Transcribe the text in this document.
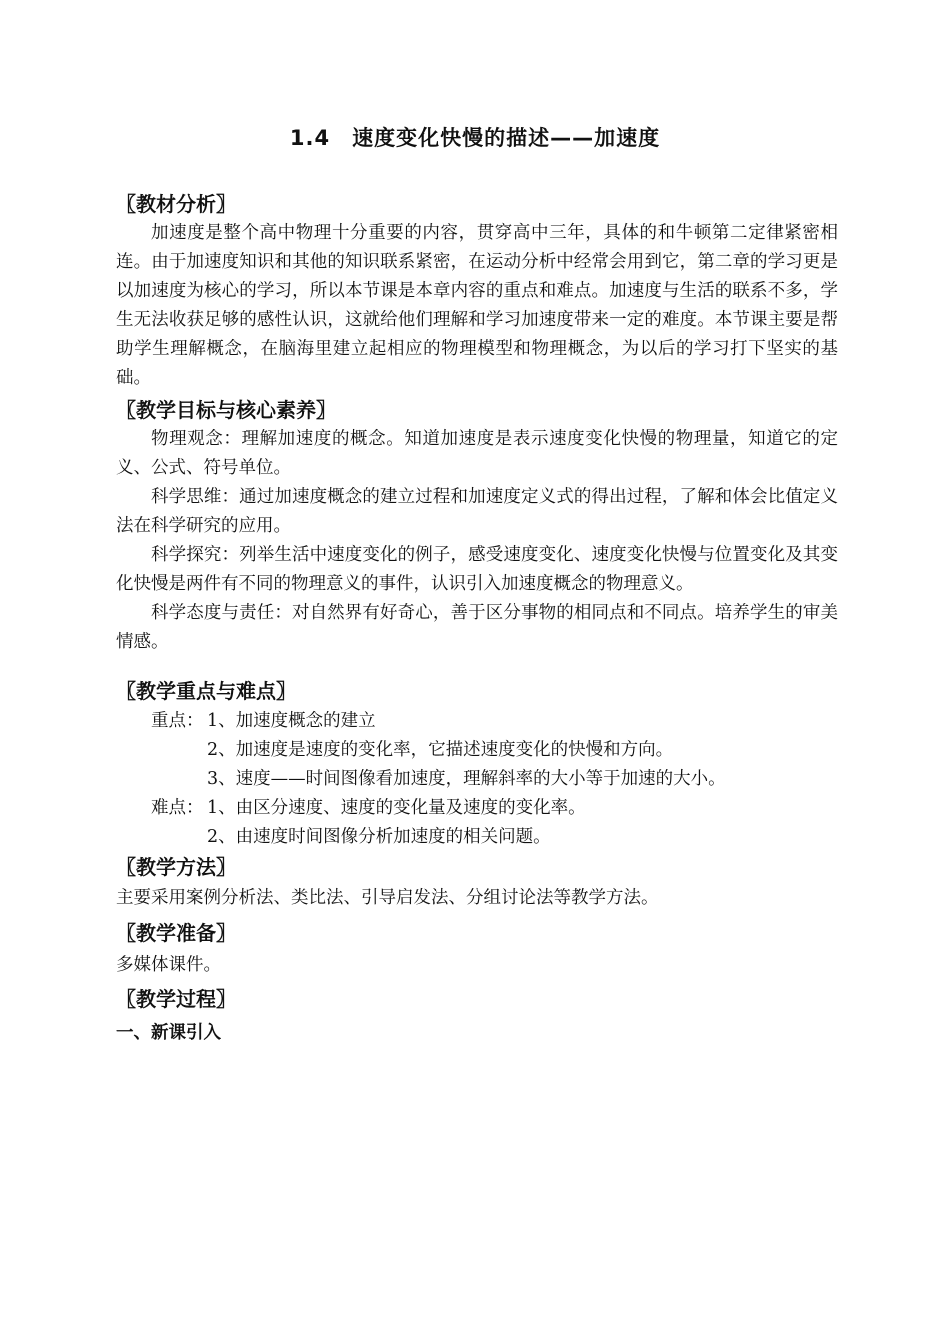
1.4　速度变化快慢的描述——加速度
〖教材分析〗
加速度是整个高中物理十分重要的内容，贯穿高中三年，具体的和牛顿第二定律紧密相连。由于加速度知识和其他的知识联系紧密，在运动分析中经常会用到它，第二章的学习更是以加速度为核心的学习，所以本节课是本章内容的重点和难点。加速度与生活的联系不多，学生无法收获足够的感性认识，这就给他们理解和学习加速度带来一定的难度。本节课主要是帮助学生理解概念，在脑海里建立起相应的物理模型和物理概念，为以后的学习打下坚实的基础。
〖教学目标与核心素养〗
物理观念：理解加速度的概念。知道加速度是表示速度变化快慢的物理量，知道它的定义、公式、符号单位。
科学思维：通过加速度概念的建立过程和加速度定义式的得出过程，了解和体会比值定义法在科学研究的应用。
科学探究：列举生活中速度变化的例子，感受速度变化、速度变化快慢与位置变化及其变化快慢是两件有不同的物理意义的事件，认识引入加速度概念的物理意义。
科学态度与责任：对自然界有好奇心，善于区分事物的相同点和不同点。培养学生的审美情感。
〖教学重点与难点〗
重点： 1、加速度概念的建立
2、加速度是速度的变化率，它描述速度变化的快慢和方向。
3、速度——时间图像看加速度，理解斜率的大小等于加速的大小。
难点： 1、由区分速度、速度的变化量及速度的变化率。
2、由速度时间图像分析加速度的相关问题。
〖教学方法〗
主要采用案例分析法、类比法、引导启发法、分组讨论法等教学方法。
〖教学准备〗
多媒体课件。
〖教学过程〗
一、新课引入
